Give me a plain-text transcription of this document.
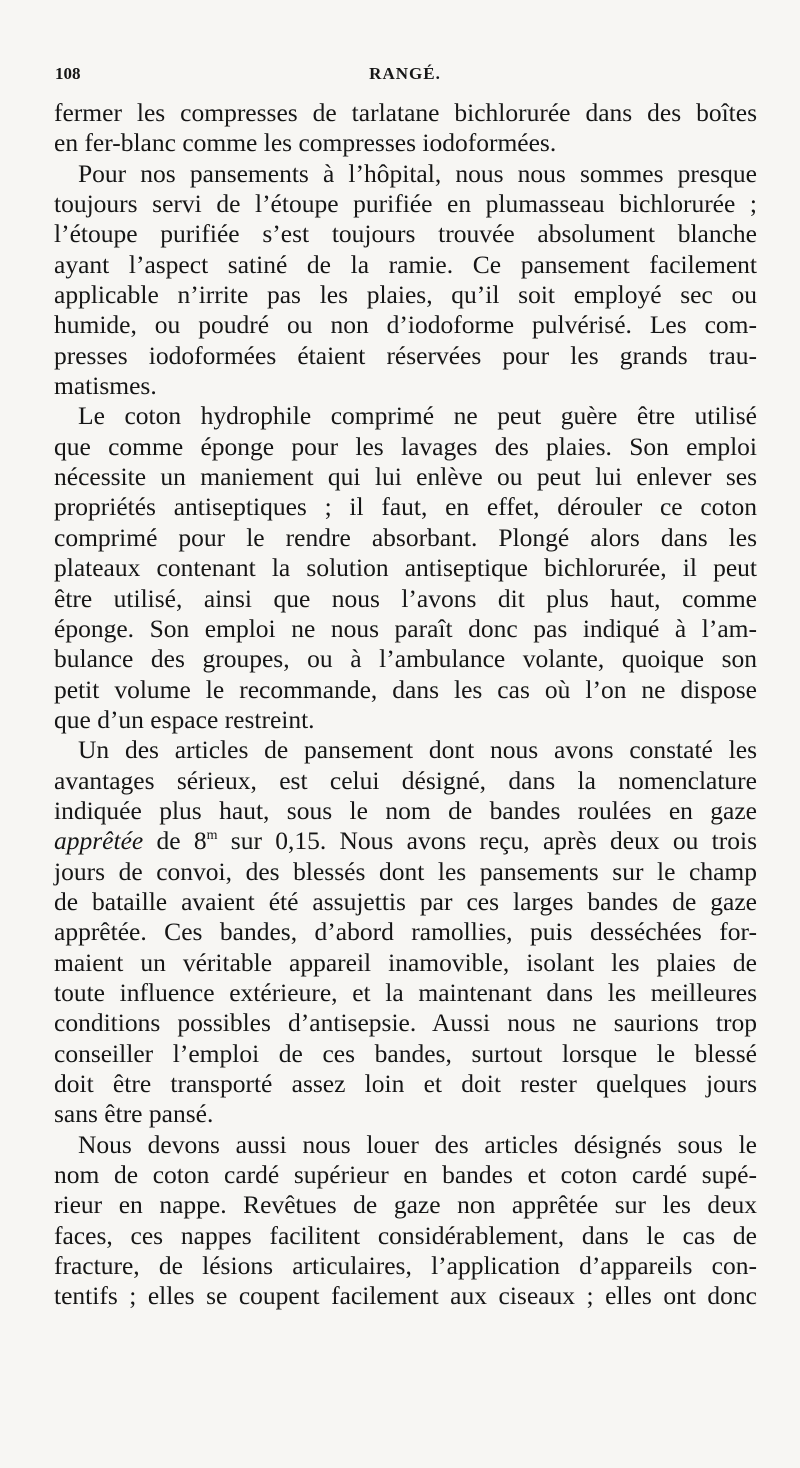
108	RANGÉ.
fermer les compresses de tarlatane bichlorurée dans des boîtes
en fer-blanc comme les compresses iodoformées.
Pour nos pansements à l’hôpital, nous nous sommes presque
toujours servi de l’étoupe purifiée en plumasseau bichlorurée ;
l’étoupe purifiée s’est toujours trouvée absolument blanche
ayant l’aspect satiné de la ramie. Ce pansement facilement
applicable n’irrite pas les plaies, qu’il soit employé sec ou
humide, ou poudré ou non d’iodoforme pulvérisé. Les com-
presses iodoformées étaient réservées pour les grands trau-
matismes.
Le coton hydrophile comprimé ne peut guère être utilisé
que comme éponge pour les lavages des plaies. Son emploi
nécessite un maniement qui lui enlève ou peut lui enlever ses
propriétés antiseptiques ; il faut, en effet, dérouler ce coton
comprimé pour le rendre absorbant. Plongé alors dans les
plateaux contenant la solution antiseptique bichlorurée, il peut
être utilisé, ainsi que nous l’avons dit plus haut, comme
éponge. Son emploi ne nous paraît donc pas indiqué à l’am-
bulance des groupes, ou à l’ambulance volante, quoique son
petit volume le recommande, dans les cas où l’on ne dispose
que d’un espace restreint.
Un des articles de pansement dont nous avons constaté les
avantages sérieux, est celui désigné, dans la nomenclature
indiquée plus haut, sous le nom de bandes roulées en gaze
apprêtée de 8$^m$ sur 0,15. Nous avons reçu, après deux ou trois
jours de convoi, des blessés dont les pansements sur le champ
de bataille avaient été assujettis par ces larges bandes de gaze
apprêtée. Ces bandes, d’abord ramollies, puis desséchées for-
maient un véritable appareil inamovible, isolant les plaies de
toute influence extérieure, et la maintenant dans les meilleures
conditions possibles d’antisepsie. Aussi nous ne saurions trop
conseiller l’emploi de ces bandes, surtout lorsque le blessé
doit être transporté assez loin et doit rester quelques jours
sans être pansé.
Nous devons aussi nous louer des articles désignés sous le
nom de coton cardé supérieur en bandes et coton cardé supé-
rieur en nappe. Revêtues de gaze non apprêtée sur les deux
faces, ces nappes facilitent considérablement, dans le cas de
fracture, de lésions articulaires, l’application d’appareils con-
tentifs ; elles se coupent facilement aux ciseaux ; elles ont donc
